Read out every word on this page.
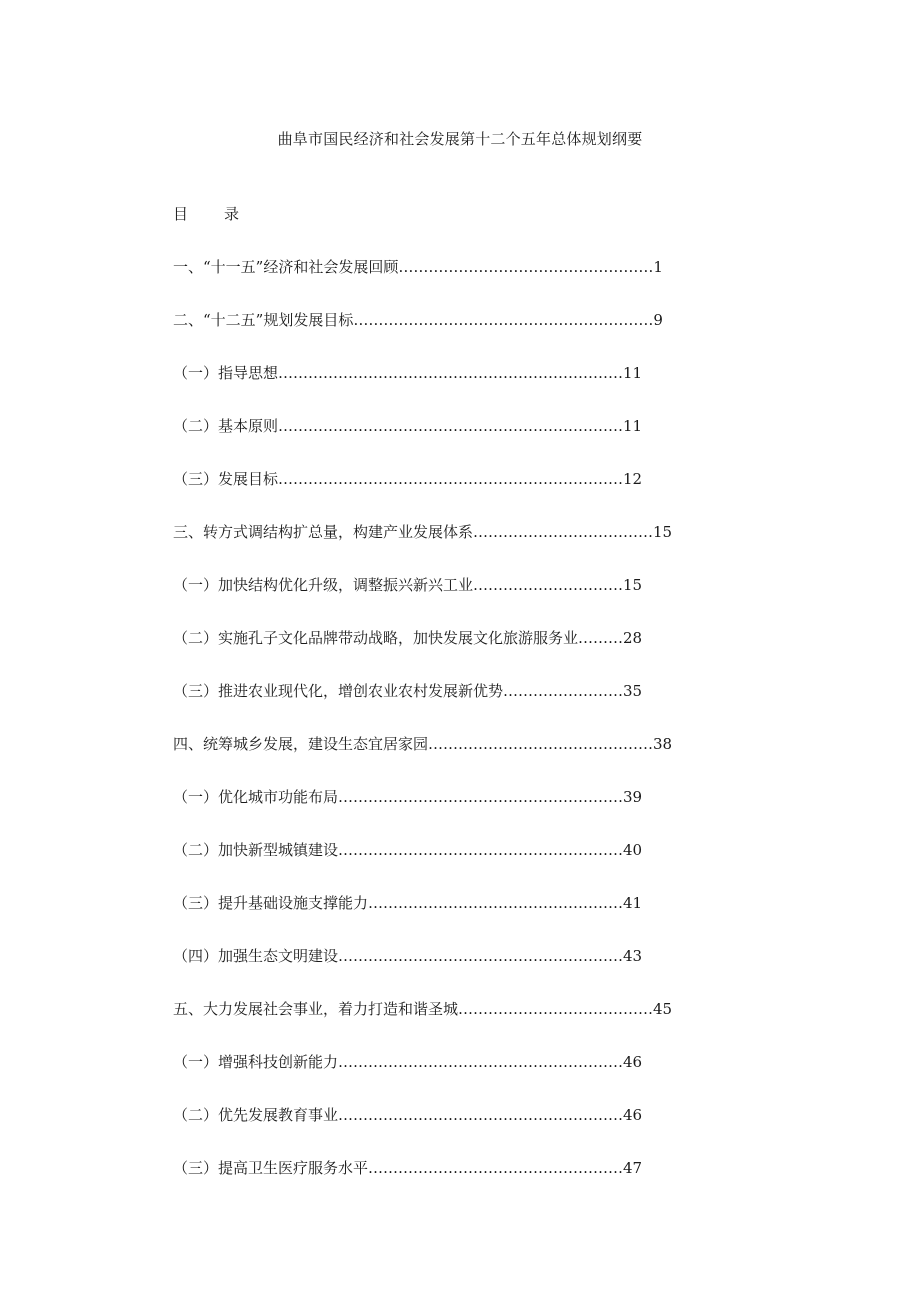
曲阜市国民经济和社会发展第十二个五年总体规划纲要
目 录
一、“十一五”经济和社会发展回顾 …………………………………………… 1
二、“十二五”规划发展目标 …………………………………………………… 9
（一）指导思想 …………………………………………………………… 11
（二）基本原则 …………………………………………………………… 11
（三）发展目标 …………………………………………………………… 12
三、转方式调结构扩总量，构建产业发展体系 ……………………………… 15
（一）加快结构优化升级，调整振兴新兴工业 ………………………… 15
（二）实施孔子文化品牌带动战略，加快发展文化旅游服务业 ……… 28
（三）推进农业现代化，增创农业农村发展新优势 …………………… 35
四、统筹城乡发展，建设生态宜居家园 ……………………………………… 38
（一）优化城市功能布局 ………………………………………………… 39
（二）加快新型城镇建设 ………………………………………………… 40
（三）提升基础设施支撑能力 …………………………………………… 41
（四）加强生态文明建设 ………………………………………………… 43
五、大力发展社会事业，着力打造和谐圣城 ………………………………… 45
（一）增强科技创新能力 ………………………………………………… 46
（二）优先发展教育事业 ………………………………………………… 46
（三）提高卫生医疗服务水平 …………………………………………… 47
